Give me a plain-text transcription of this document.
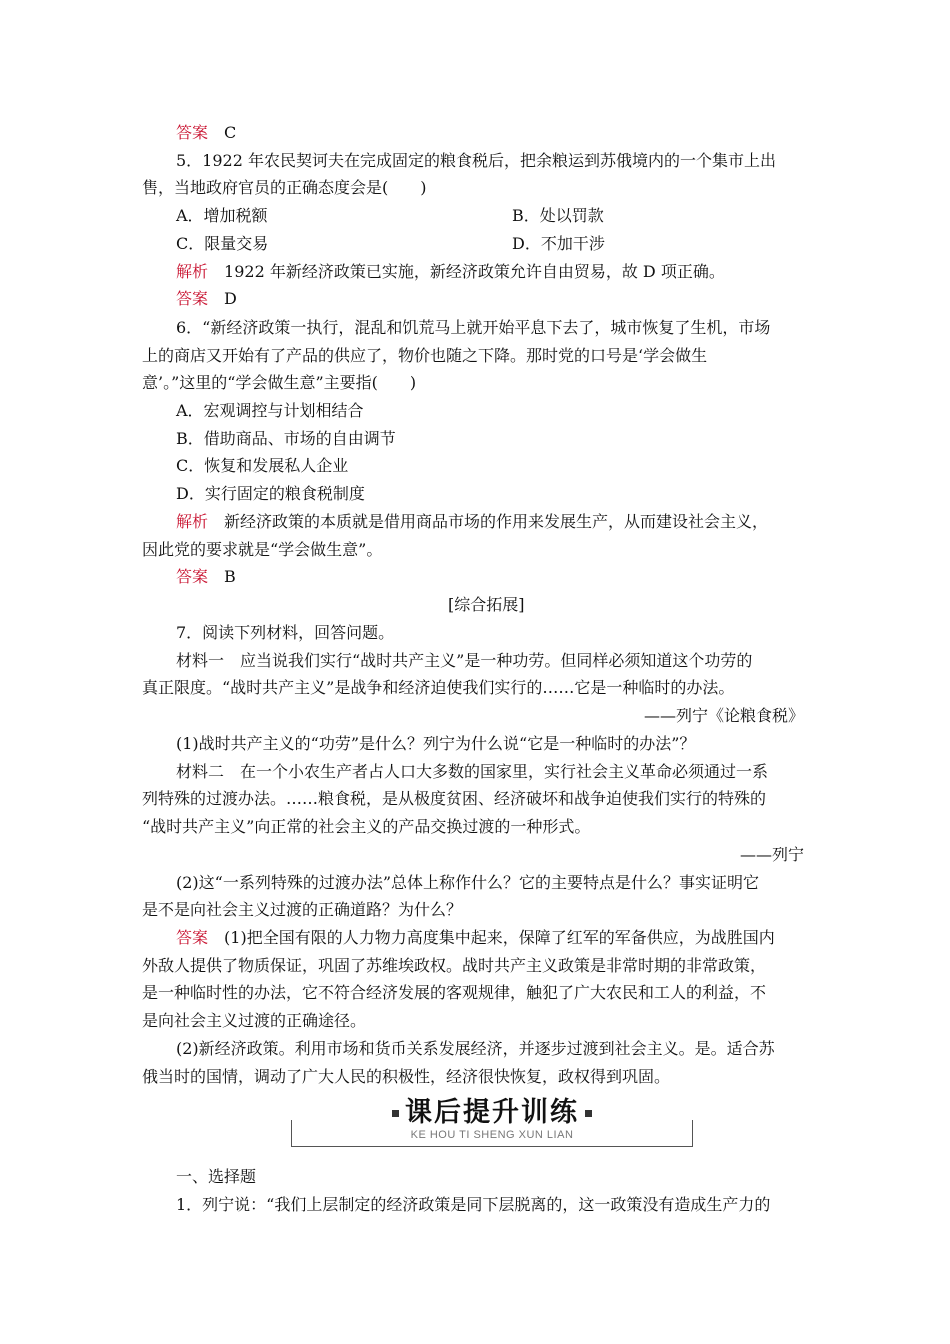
答案　 C
5．1922 年农民契诃夫在完成固定的粮食税后，把余粮运到苏俄境内的一个集市上出
售，当地政府官员的正确态度会是(　　)
A．增加税额	B．处以罚款
C．限量交易	D．不加干涉
解析　 1922 年新经济政策已实施，新经济政策允许自由贸易，故 D 项正确。
答案　 D
6．“新经济政策一执行，混乱和饥荒马上就开始平息下去了，城市恢复了生机，市场
上的商店又开始有了产品的供应了，物价也随之下降。那时党的口号是‘学会做生
意’。”这里的“学会做生意”主要指(　　)
A．宏观调控与计划相结合
B．借助商品、市场的自由调节
C．恢复和发展私人企业
D．实行固定的粮食税制度
解析　 新经济政策的本质就是借用商品市场的作用来发展生产，从而建设社会主义，
因此党的要求就是“学会做生意”。
答案　 B
[综合拓展]
7．阅读下列材料，回答问题。
材料一　应当说我们实行“战时共产主义”是一种功劳。但同样必须知道这个功劳的
真正限度。“战时共产主义”是战争和经济迫使我们实行的……它是一种临时的办法。
——列宁《论粮食税》
(1)战时共产主义的“功劳”是什么？列宁为什么说“它是一种临时的办法”？
材料二　在一个小农生产者占人口大多数的国家里，实行社会主义革命必须通过一系
列特殊的过渡办法。……粮食税，是从极度贫困、经济破坏和战争迫使我们实行的特殊的
“战时共产主义”向正常的社会主义的产品交换过渡的一种形式。
——列宁
(2)这“一系列特殊的过渡办法”总体上称作什么？它的主要特点是什么？事实证明它
是不是向社会主义过渡的正确道路？为什么？
答案　 (1)把全国有限的人力物力高度集中起来，保障了红军的军备供应，为战胜国内
外敌人提供了物质保证，巩固了苏维埃政权。战时共产主义政策是非常时期的非常政策，
是一种临时性的办法，它不符合经济发展的客观规律，触犯了广大农民和工人的利益，不
是向社会主义过渡的正确途径。
(2)新经济政策。利用市场和货币关系发展经济，并逐步过渡到社会主义。是。适合苏
俄当时的国情，调动了广大人民的积极性，经济很快恢复，政权得到巩固。
课后提升训练
KE HOU TI SHENG XUN LIAN
一、选择题
1．列宁说：“我们上层制定的经济政策是同下层脱离的，这一政策没有造成生产力的
